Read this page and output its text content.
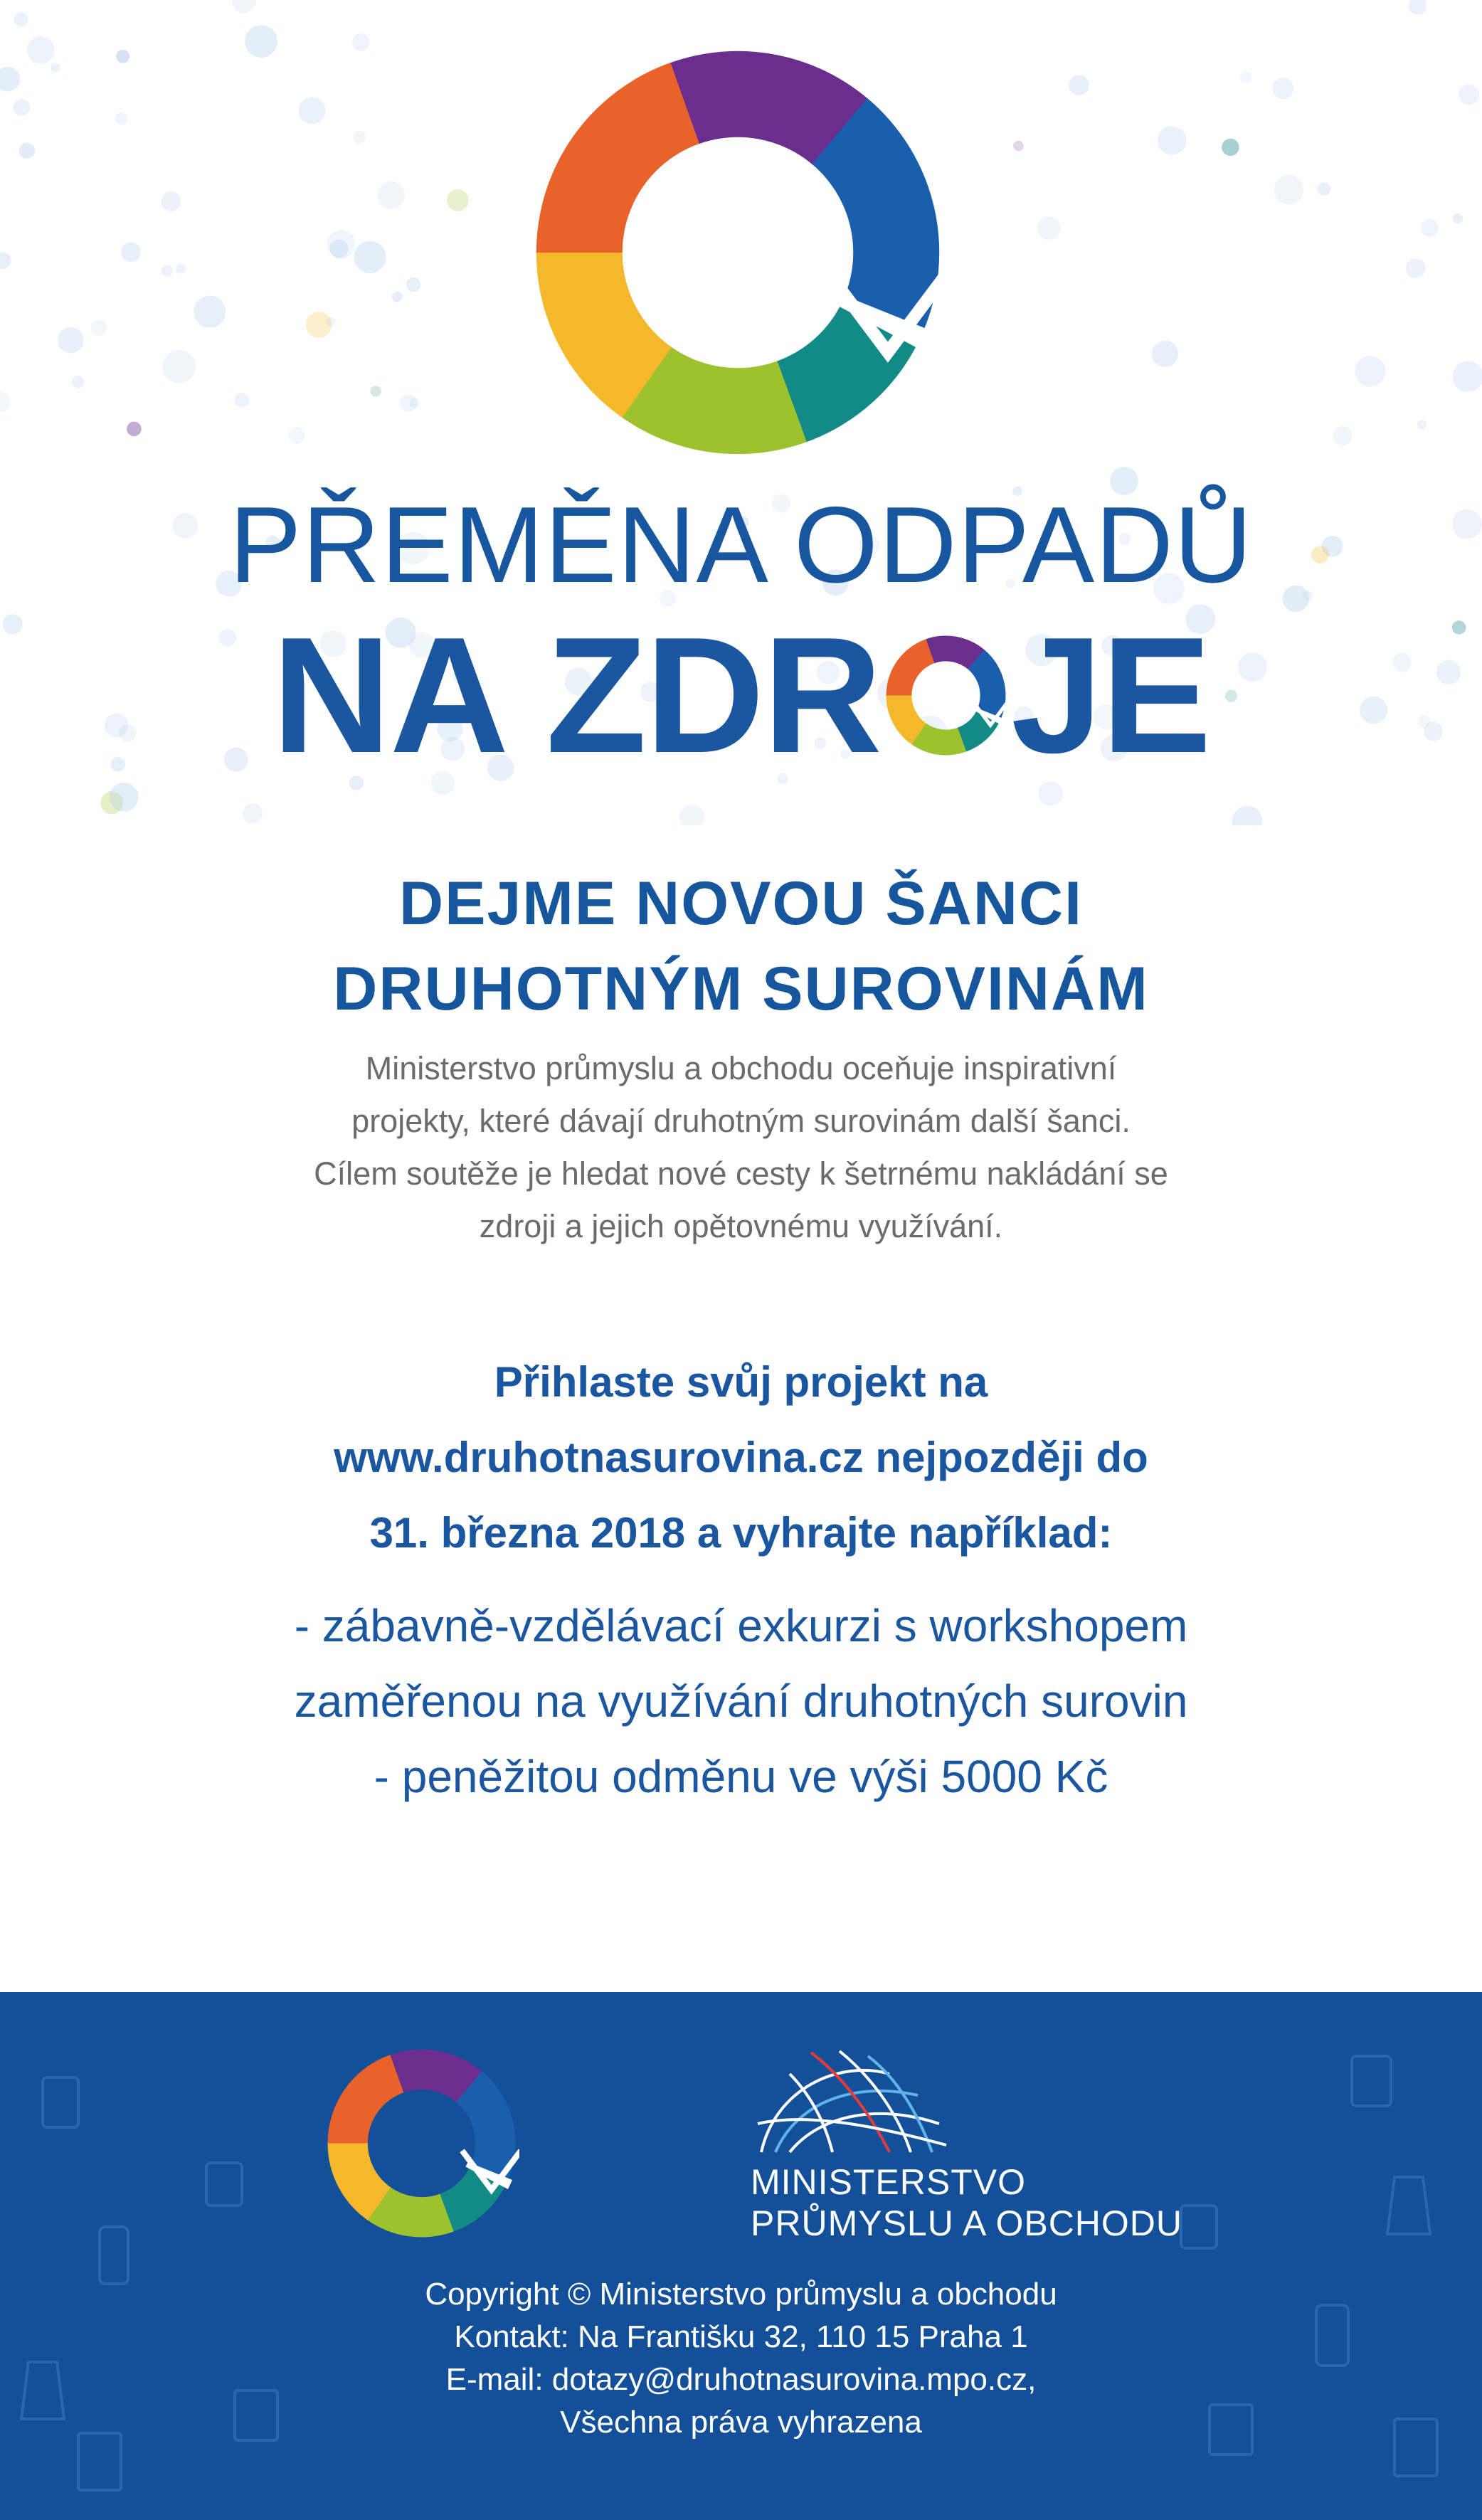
PŘEMĚNA ODPADŮ
NA ZDR JE
DEJME NOVOU ŠANCI
DRUHOTNÝM SUROVINÁM
Ministerstvo průmyslu a obchodu oceňuje inspirativní
projekty, které dávají druhotným surovinám další šanci.
Cílem soutěže je hledat nové cesty k šetrnému nakládání se
zdroji a jejich opětovnému využívání.
Přihlaste svůj projekt na
www.druhotnasurovina.cz nejpozději do
31. března 2018 a vyhrajte například:
- zábavně-vzdělávací exkurzi s workshopem
zaměřenou na využívání druhotných surovin
- peněžitou odměnu ve výši 5000 Kč
MINISTERSTVO
PRŮMYSLU A OBCHODU
Copyright © Ministerstvo průmyslu a obchodu
Kontakt: Na Františku 32, 110 15 Praha 1
E-mail: dotazy@druhotnasurovina.mpo.cz,
Všechna práva vyhrazena
